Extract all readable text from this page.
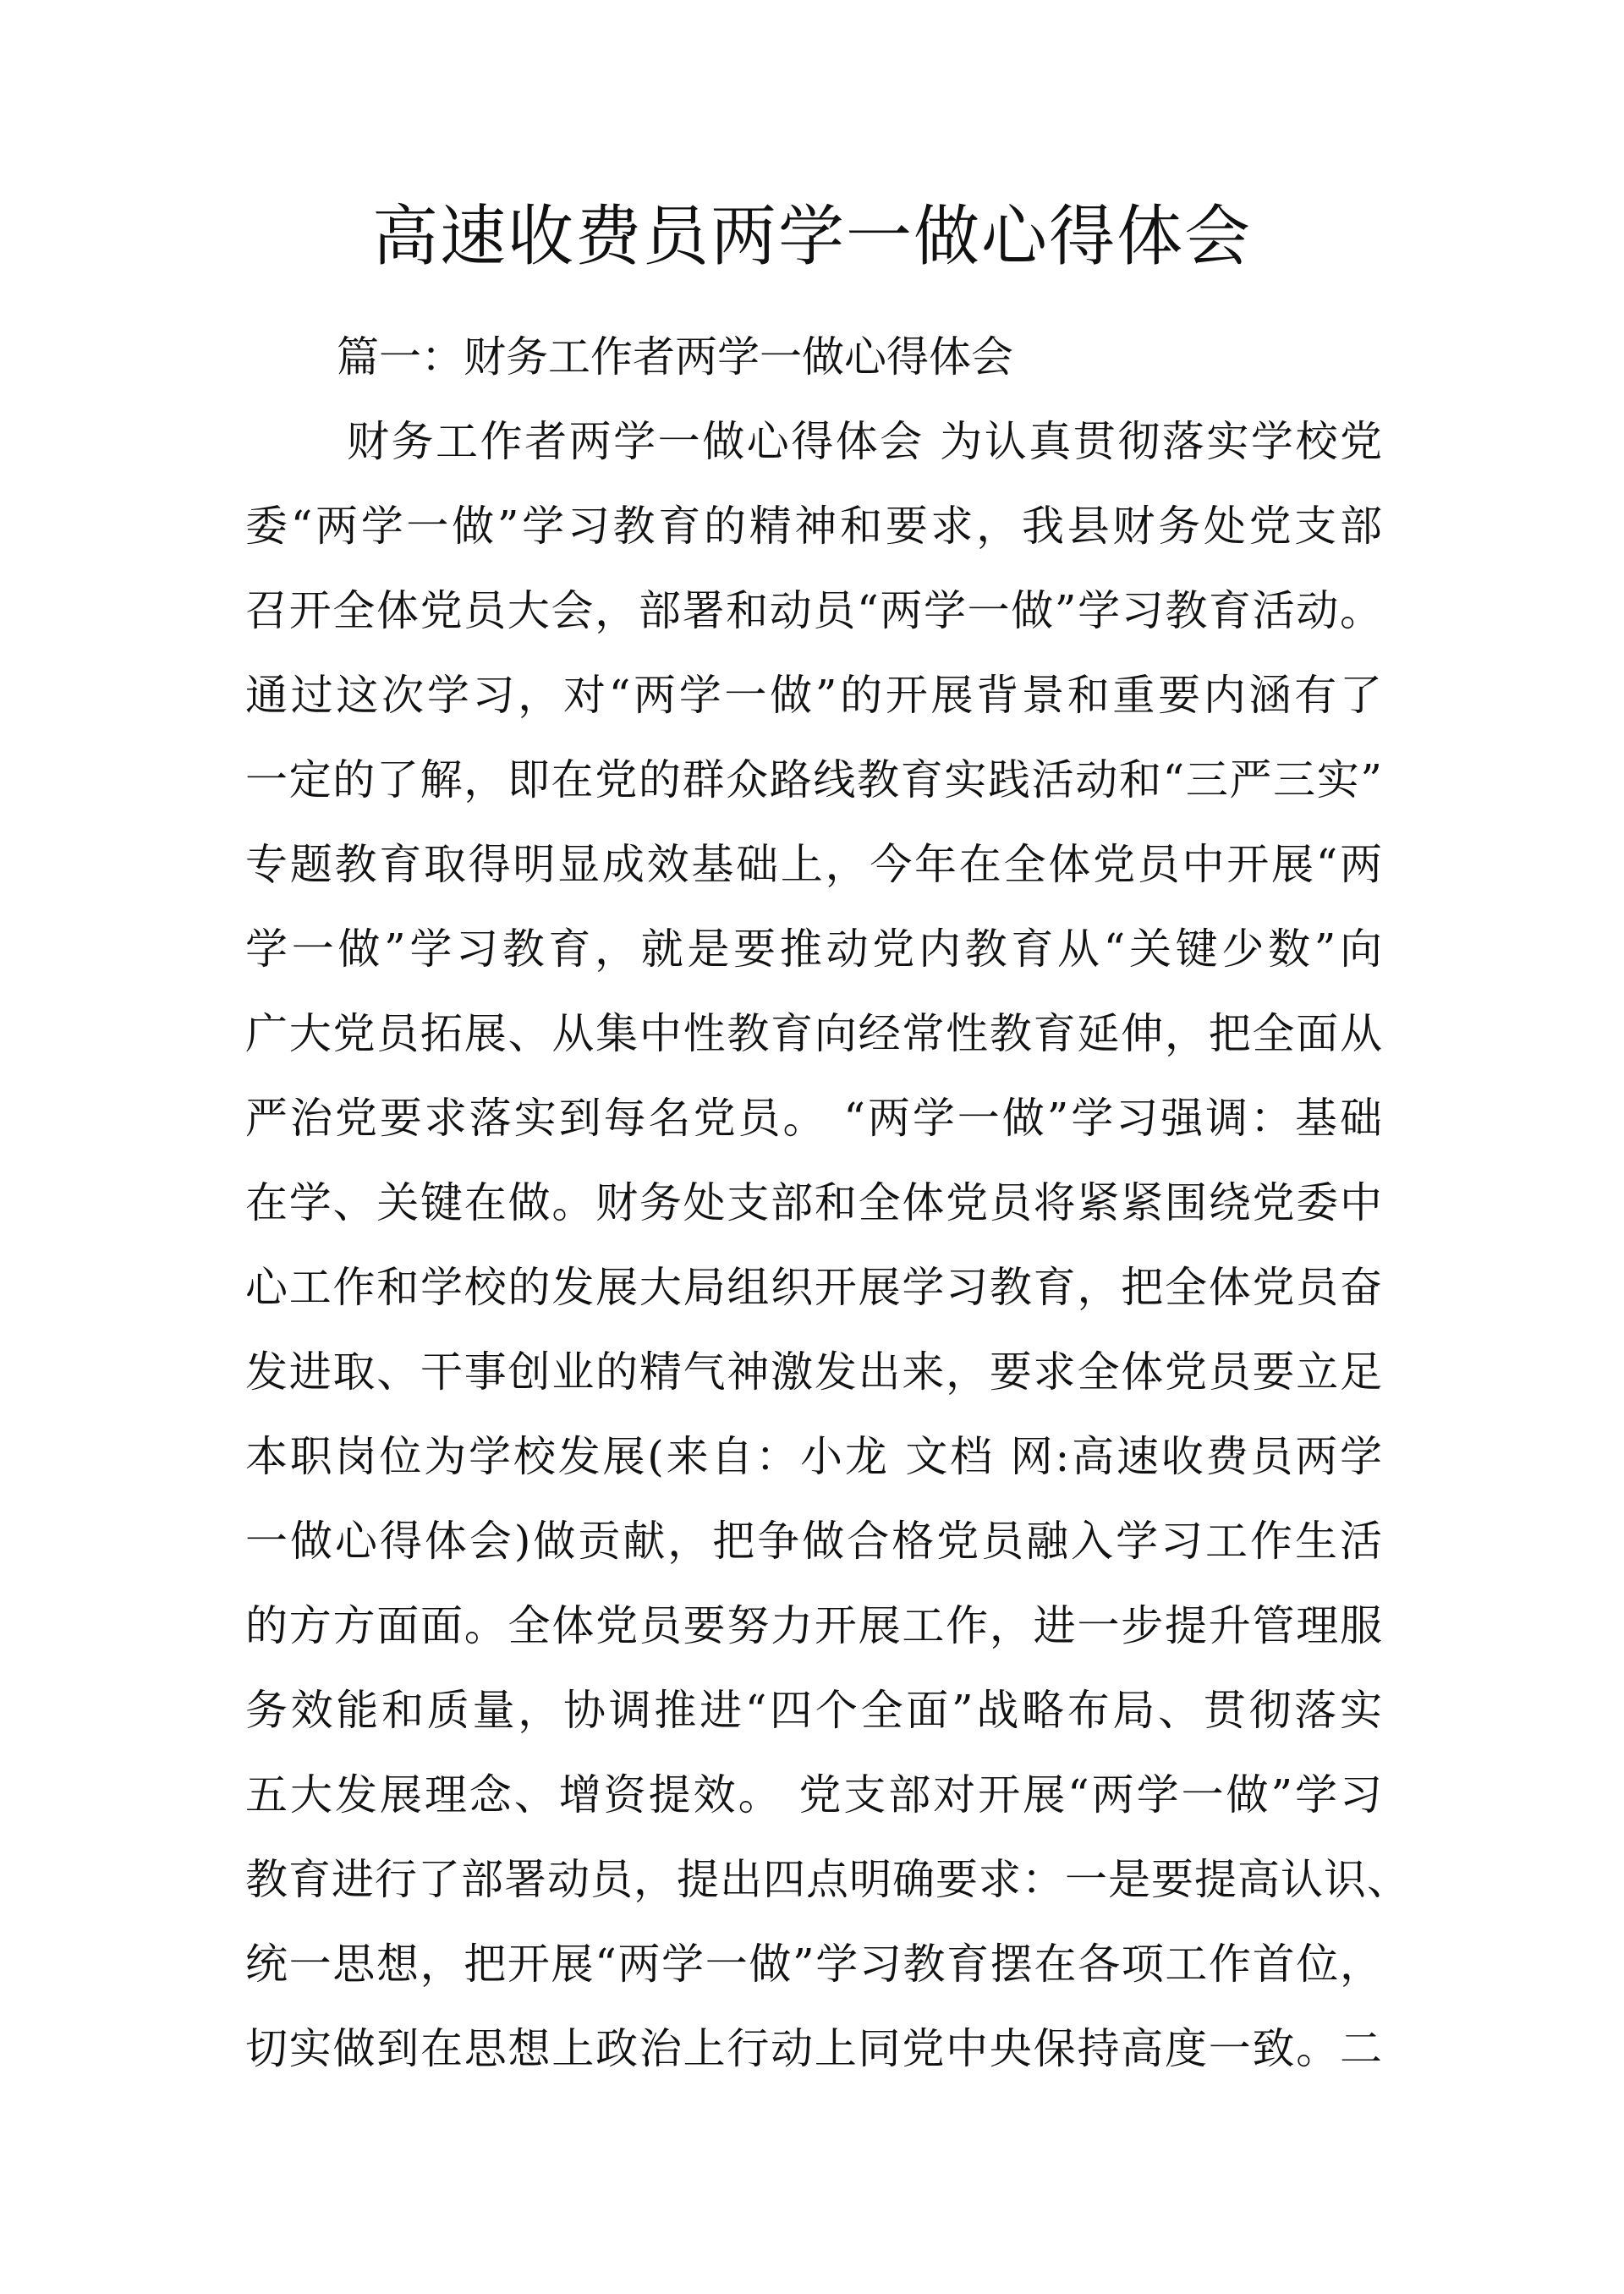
高速收费员两学一做心得体会

篇一：财务工作者两学一做心得体会

财务工作者两学一做心得体会 为认真贯彻落实学校党
委“两学一做”学习教育的精神和要求，我县财务处党支部
召开全体党员大会，部署和动员“两学一做”学习教育活动。
通过这次学习，对“两学一做”的开展背景和重要内涵有了
一定的了解，即在党的群众路线教育实践活动和“三严三实”
专题教育取得明显成效基础上，今年在全体党员中开展“两
学一做”学习教育，就是要推动党内教育从“关键少数”向
广大党员拓展、从集中性教育向经常性教育延伸，把全面从
严治党要求落实到每名党员。 “两学一做”学习强调：基础
在学、关键在做。财务处支部和全体党员将紧紧围绕党委中
心工作和学校的发展大局组织开展学习教育，把全体党员奋
发进取、干事创业的精气神激发出来，要求全体党员要立足
本职岗位为学校发展(来自：小龙 文档 网:高速收费员两学
一做心得体会)做贡献，把争做合格党员融入学习工作生活
的方方面面。全体党员要努力开展工作，进一步提升管理服
务效能和质量，协调推进“四个全面”战略布局、贯彻落实
五大发展理念、增资提效。 党支部对开展“两学一做”学习
教育进行了部署动员，提出四点明确要求：一是要提高认识、
统一思想，把开展“两学一做”学习教育摆在各项工作首位，
切实做到在思想上政治上行动上同党中央保持高度一致。二
